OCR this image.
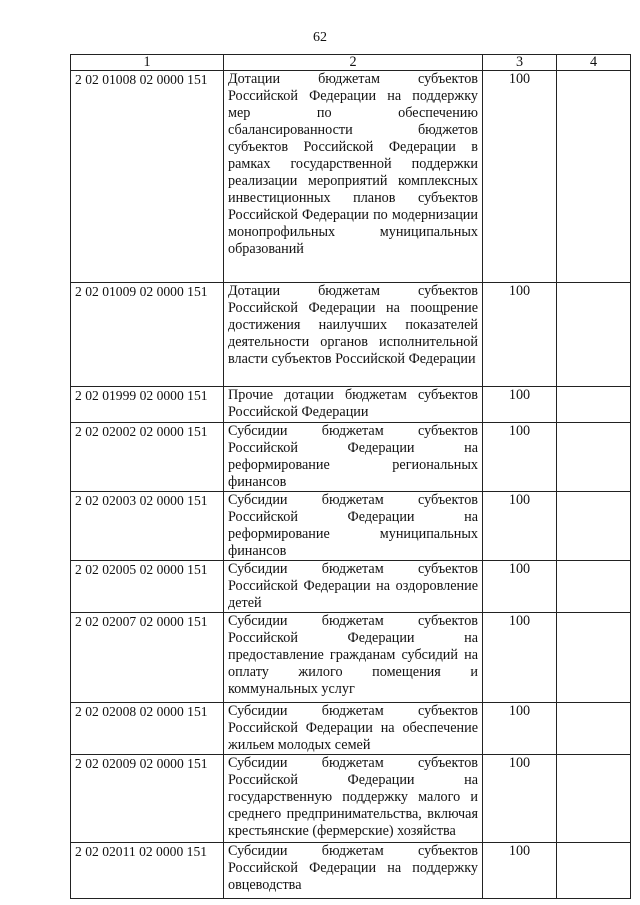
62
1	2	3	4
2 02 01008 02 0000 151	Дотации бюджетам субъектов Российской Федерации на поддержку мер по обеспечению сбалансированности бюджетов субъектов Российской Федерации в рамках государственной поддержки реализации мероприятий комплексных инвестиционных планов субъектов Российской Федерации по модернизации монопрофильных муниципальных образований	100	
2 02 01009 02 0000 151	Дотации бюджетам субъектов Российской Федерации на поощрение достижения наилучших показателей деятельности органов исполнительной власти субъектов Российской Федерации	100	
2 02 01999 02 0000 151	Прочие дотации бюджетам субъектов Российской Федерации	100	
2 02 02002 02 0000 151	Субсидии бюджетам субъектов Российской Федерации на реформирование региональных финансов	100	
2 02 02003 02 0000 151	Субсидии бюджетам субъектов Российской Федерации на реформирование муниципальных финансов	100	
2 02 02005 02 0000 151	Субсидии бюджетам субъектов Российской Федерации на оздоровление детей	100	
2 02 02007 02 0000 151	Субсидии бюджетам субъектов Российской Федерации на предоставление гражданам субсидий на оплату жилого помещения и коммунальных услуг	100	
2 02 02008 02 0000 151	Субсидии бюджетам субъектов Российской Федерации на обеспечение жильем молодых семей	100	
2 02 02009 02 0000 151	Субсидии бюджетам субъектов Российской Федерации на государственную поддержку малого и среднего предпринимательства, включая крестьянские (фермерские) хозяйства	100	
2 02 02011 02 0000 151	Субсидии бюджетам субъектов Российской Федерации на поддержку овцеводства	100	
